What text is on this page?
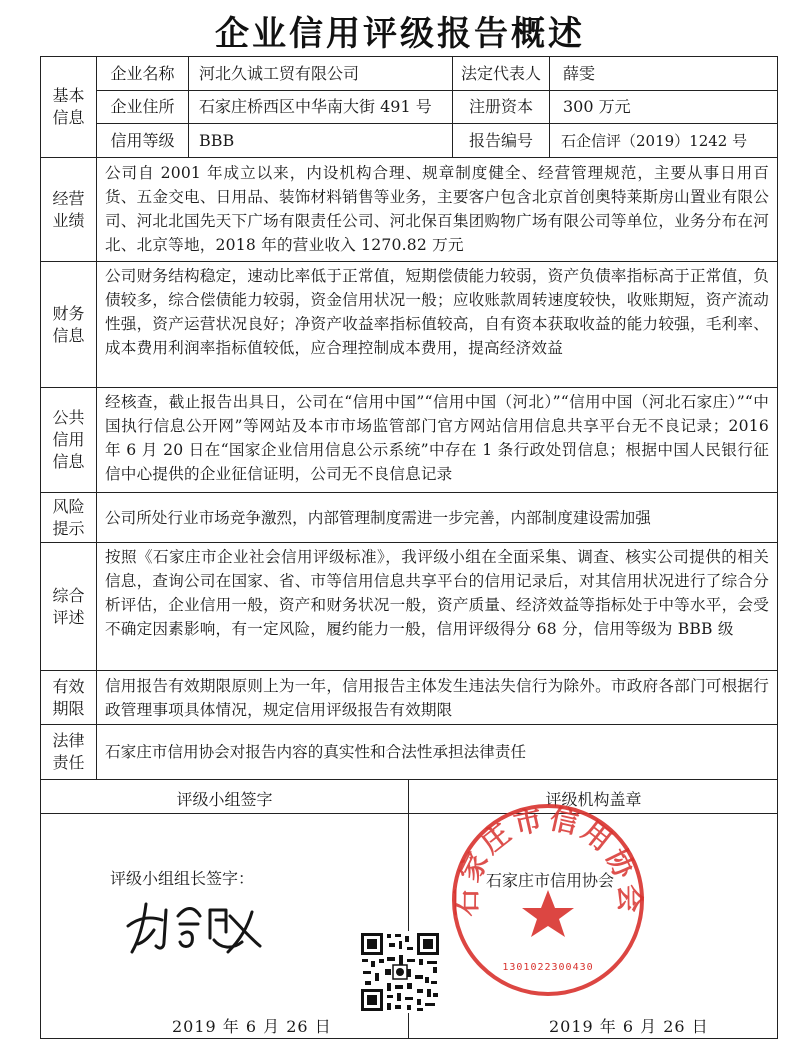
企业信用评级报告概述
基本
信息
企业名称	河北久诚工贸有限公司	法定代表人	薛雯
企业住所	石家庄桥西区中华南大街 491 号	注册资本	300 万元
信用等级	BBB	报告编号	石企信评（2019）1242 号
经营
业绩
公司自 2001 年成立以来，内设机构合理、规章制度健全、经营管理规范，主要从事日用百货、五金交电、日用品、装饰材料销售等业务，主要客户包含北京首创奥特莱斯房山置业有限公司、河北北国先天下广场有限责任公司、河北保百集团购物广场有限公司等单位，业务分布在河北、北京等地，2018 年的营业收入 1270.82 万元
财务
信息
公司财务结构稳定，速动比率低于正常值，短期偿债能力较弱，资产负债率指标高于正常值，负债较多，综合偿债能力较弱，资金信用状况一般；应收账款周转速度较快，收账期短，资产流动性强，资产运营状况良好；净资产收益率指标值较高，自有资本获取收益的能力较强，毛利率、成本费用利润率指标值较低，应合理控制成本费用，提高经济效益
公共
信用
信息
经核查，截止报告出具日，公司在“信用中国”“信用中国（河北）”“信用中国（河北石家庄）”“中国执行信息公开网”等网站及本市市场监管部门官方网站信用信息共享平台无不良记录；2016 年 6 月 20 日在“国家企业信用信息公示系统”中存在 1 条行政处罚信息；根据中国人民银行征信中心提供的企业征信证明，公司无不良信息记录
风险
提示
公司所处行业市场竞争激烈，内部管理制度需进一步完善，内部制度建设需加强
综合
评述
按照《石家庄市企业社会信用评级标准》，我评级小组在全面采集、调查、核实公司提供的相关信息，查询公司在国家、省、市等信用信息共享平台的信用记录后，对其信用状况进行了综合分析评估，企业信用一般，资产和财务状况一般，资产质量、经济效益等指标处于中等水平，会受不确定因素影响，有一定风险，履约能力一般，信用评级得分 68 分，信用等级为 BBB 级
有效
期限
信用报告有效期限原则上为一年，信用报告主体发生违法失信行为除外。市政府各部门可根据行政管理事项具体情况，规定信用评级报告有效期限
法律
责任
石家庄市信用协会对报告内容的真实性和合法性承担法律责任
评级小组签字	评级机构盖章
评级小组组长签字：
石家庄市信用协会
1301022300430
石家庄市信用协会
2019 年 6 月 26 日	2019 年 6 月 26 日
